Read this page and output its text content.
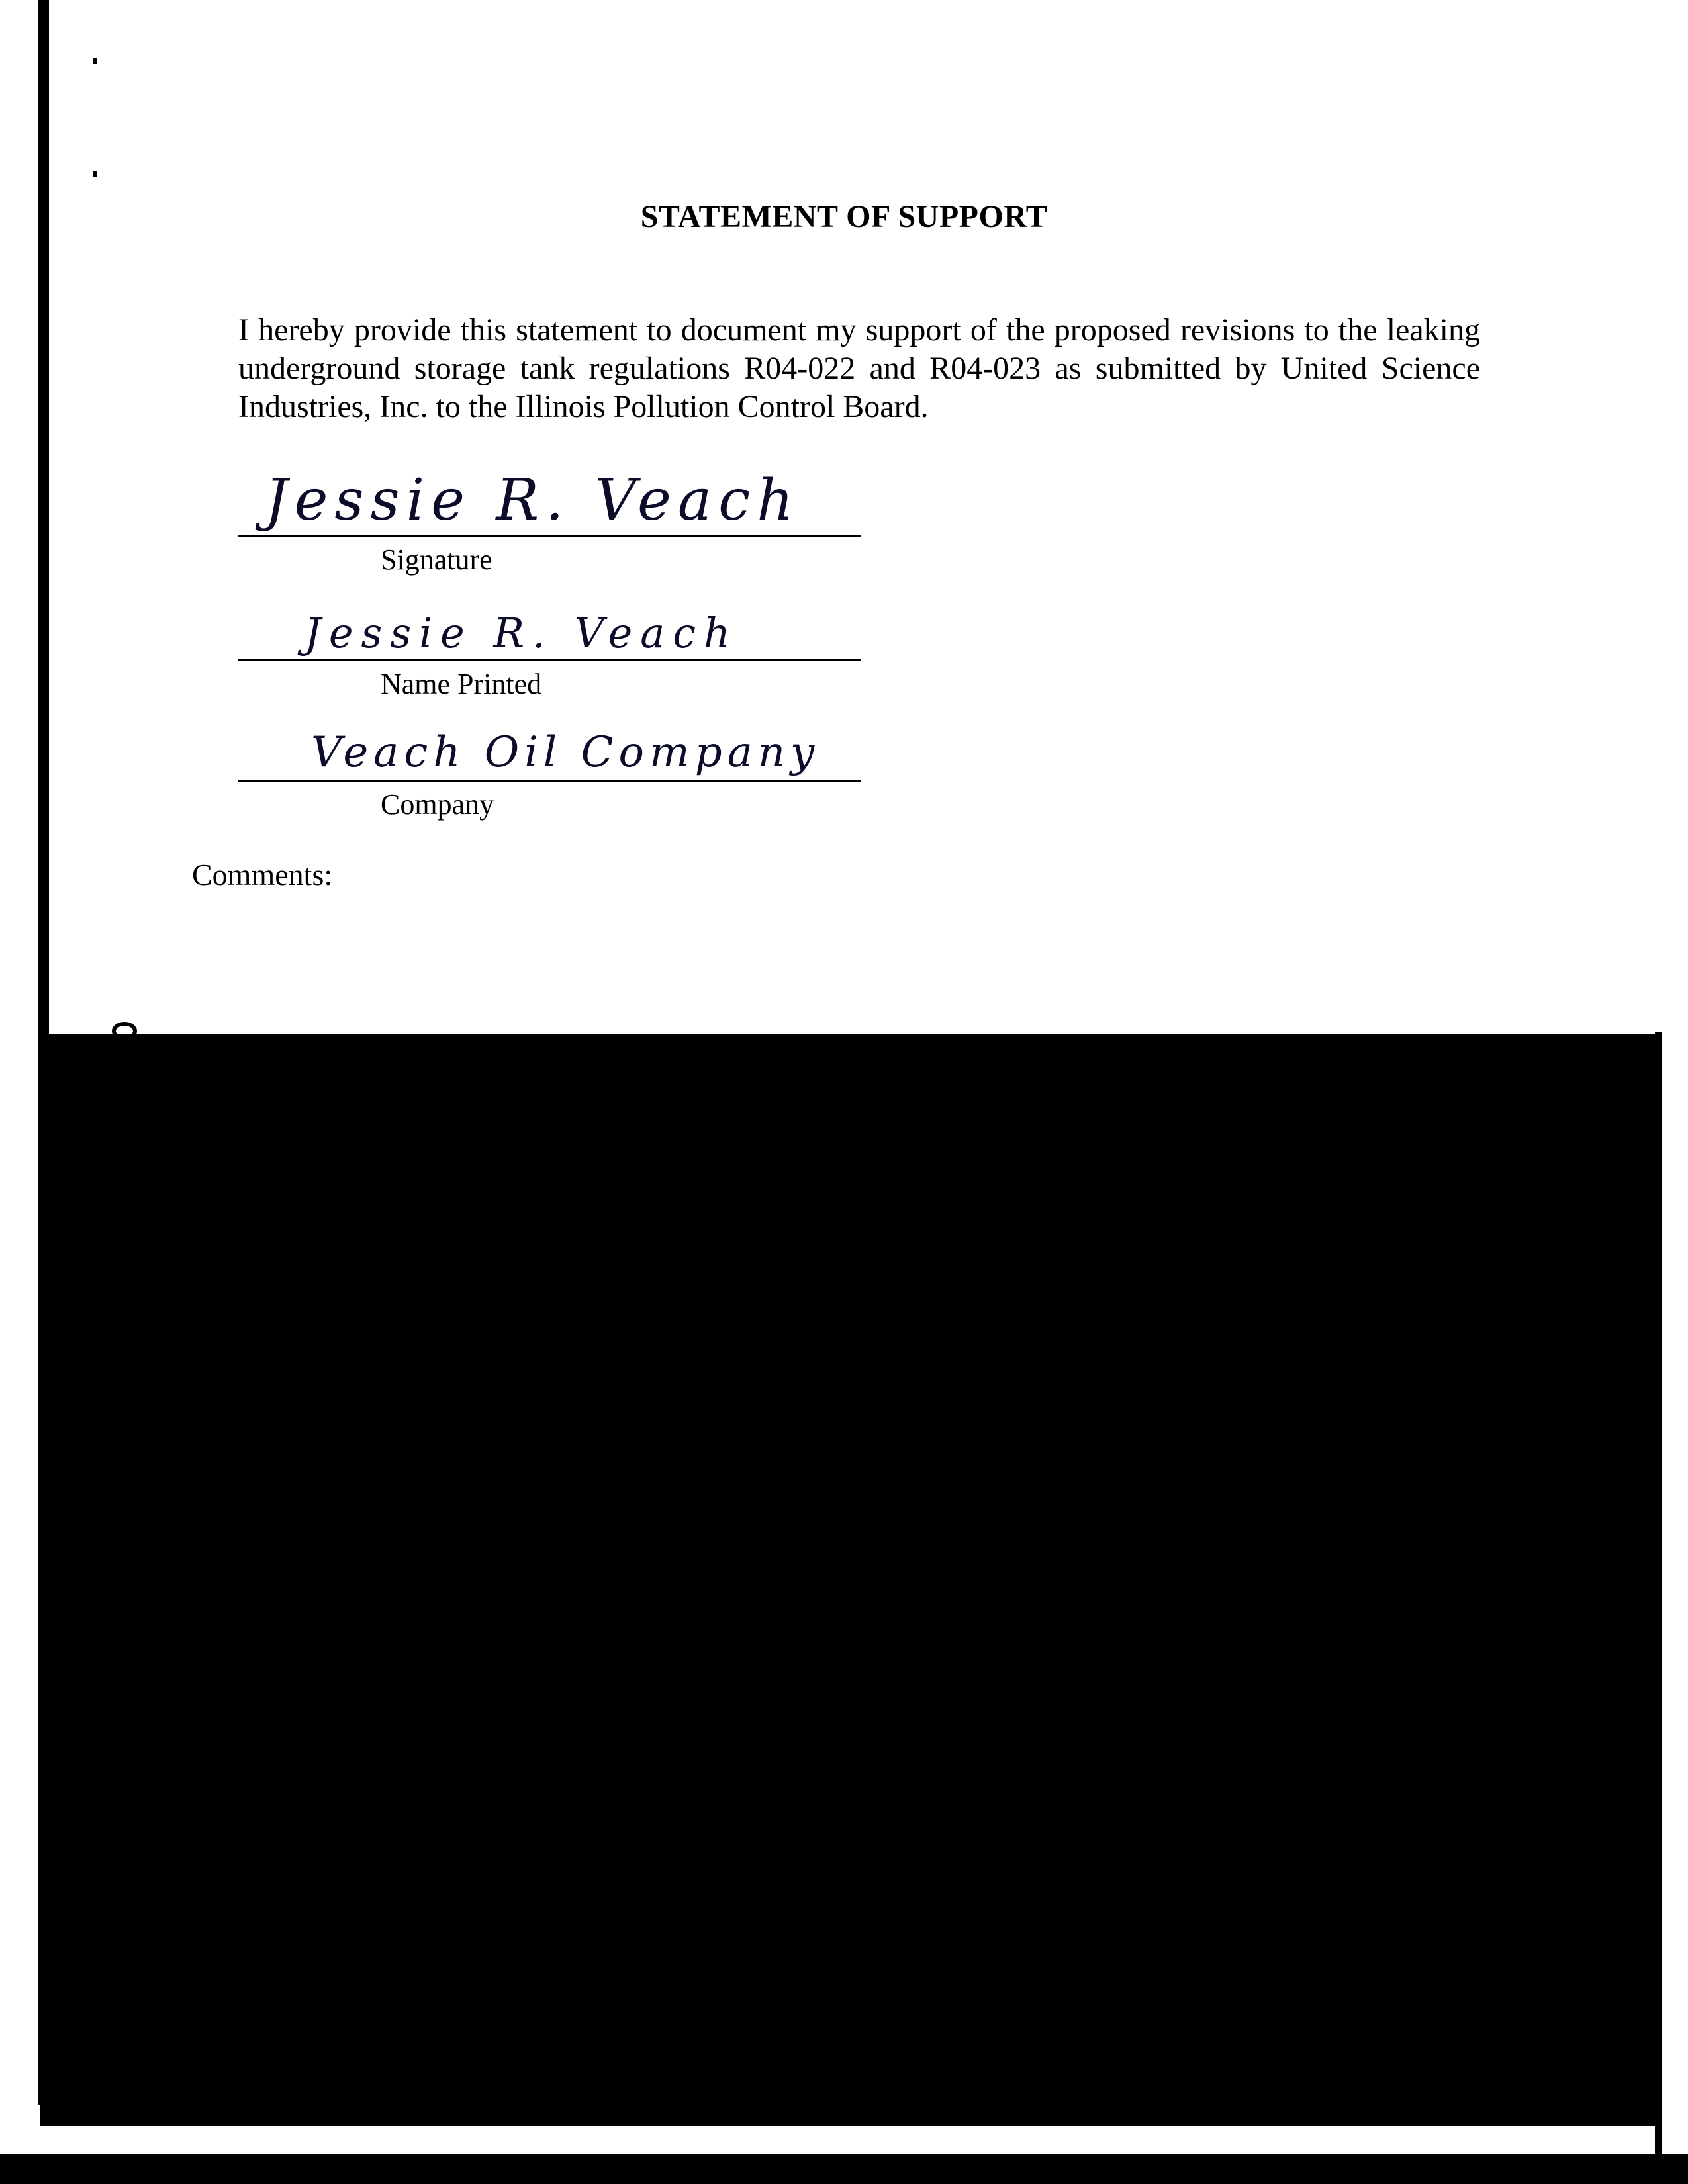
STATEMENT OF SUPPORT
I hereby provide this statement to document my support of the proposed revisions to the leaking underground storage tank regulations R04-022 and R04-023 as submitted by United Science Industries, Inc. to the Illinois Pollution Control Board.
Jessie R. Veach
Signature
Jessie R. Veach
Name Printed
Veach Oil Company
Company
Comments:
